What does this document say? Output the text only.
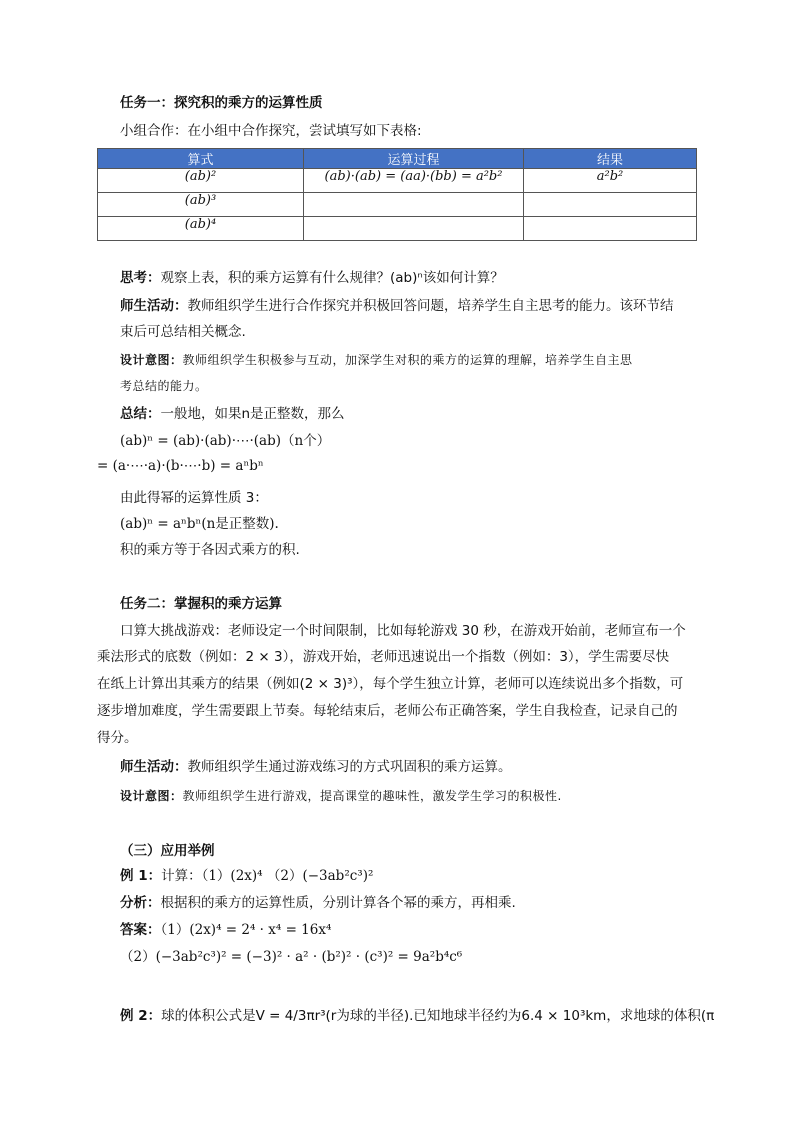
任务一：探究积的乘方的运算性质
小组合作：在小组中合作探究，尝试填写如下表格:
算式	运算过程	结果
(ab)²	(ab)·(ab) = (aa)·(bb) = a²b²	a²b²
(ab)³		
(ab)⁴		
思考：观察上表，积的乘方运算有什么规律？(ab)ⁿ该如何计算？
师生活动：教师组织学生进行合作探究并积极回答问题，培养学生自主思考的能力。该环节结
束后可总结相关概念.
设计意图：教师组织学生积极参与互动，加深学生对积的乘方的运算的理解，培养学生自主思
考总结的能力。
总结：一般地，如果n是正整数，那么
(ab)ⁿ = (ab)·(ab)·⋯·(ab)（n个）
= (a·⋯·a)·(b·⋯·b) = aⁿbⁿ
由此得幂的运算性质 3：
(ab)ⁿ = aⁿbⁿ(n是正整数).
积的乘方等于各因式乘方的积.
任务二：掌握积的乘方运算
口算大挑战游戏：老师设定一个时间限制，比如每轮游戏 30 秒，在游戏开始前，老师宣布一个
乘法形式的底数（例如：2 × 3），游戏开始，老师迅速说出一个指数（例如：3），学生需要尽快
在纸上计算出其乘方的结果（例如(2 × 3)³），每个学生独立计算，老师可以连续说出多个指数，可
逐步增加难度，学生需要跟上节奏。每轮结束后，老师公布正确答案，学生自我检查，记录自己的
得分。
师生活动：教师组织学生通过游戏练习的方式巩固积的乘方运算。
设计意图：教师组织学生进行游戏，提高课堂的趣味性，激发学生学习的积极性.
（三）应用举例
例 1：计算：（1）(2x)⁴ （2）(−3ab²c³)²
分析：根据积的乘方的运算性质，分别计算各个幂的乘方，再相乘.
答案：（1）(2x)⁴ = 2⁴ · x⁴ = 16x⁴
（2）(−3ab²c³)² = (−3)² · a² · (b²)² · (c³)² = 9a²b⁴c⁶
例 2：球的体积公式是V = 4/3πr³(r为球的半径).已知地球半径约为6.4 × 10³km，求地球的体积(π
